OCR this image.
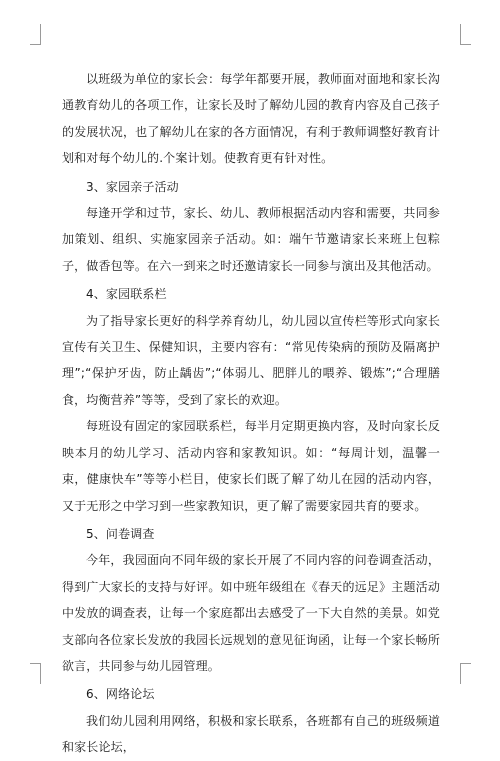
以班级为单位的家长会：每学年都要开展，教师面对面地和家长沟通教育幼儿的各项工作，让家长及时了解幼儿园的教育内容及自己孩子的发展状况，也了解幼儿在家的各方面情况，有利于教师调整好教育计划和对每个幼儿的.个案计划。使教育更有针对性。

3、家园亲子活动

每逢开学和过节，家长、幼儿、教师根据活动内容和需要，共同参加策划、组织、实施家园亲子活动。如：端午节邀请家长来班上包粽子，做香包等。在六一到来之时还邀请家长一同参与演出及其他活动。

4、家园联系栏

为了指导家长更好的科学养育幼儿，幼儿园以宣传栏等形式向家长宣传有关卫生、保健知识，主要内容有：“常见传染病的预防及隔离护理”;“保护牙齿，防止龋齿”;“体弱儿、肥胖儿的喂养、锻炼”;“合理膳食，均衡营养”等等，受到了家长的欢迎。

每班设有固定的家园联系栏，每半月定期更换内容，及时向家长反映本月的幼儿学习、活动内容和家教知识。如：“每周计划，温馨一束，健康快车”等等小栏目，使家长们既了解了幼儿在园的活动内容，又于无形之中学习到一些家教知识，更了解了需要家园共育的要求。

5、问卷调查

今年，我园面向不同年级的家长开展了不同内容的问卷调查活动，得到广大家长的支持与好评。如中班年级组在《春天的远足》主题活动中发放的调查表，让每一个家庭都出去感受了一下大自然的美景。如党支部向各位家长发放的我园长远规划的意见征询函，让每一个家长畅所欲言，共同参与幼儿园管理。

6、网络论坛

我们幼儿园利用网络，积极和家长联系，各班都有自己的班级频道和家长论坛，
